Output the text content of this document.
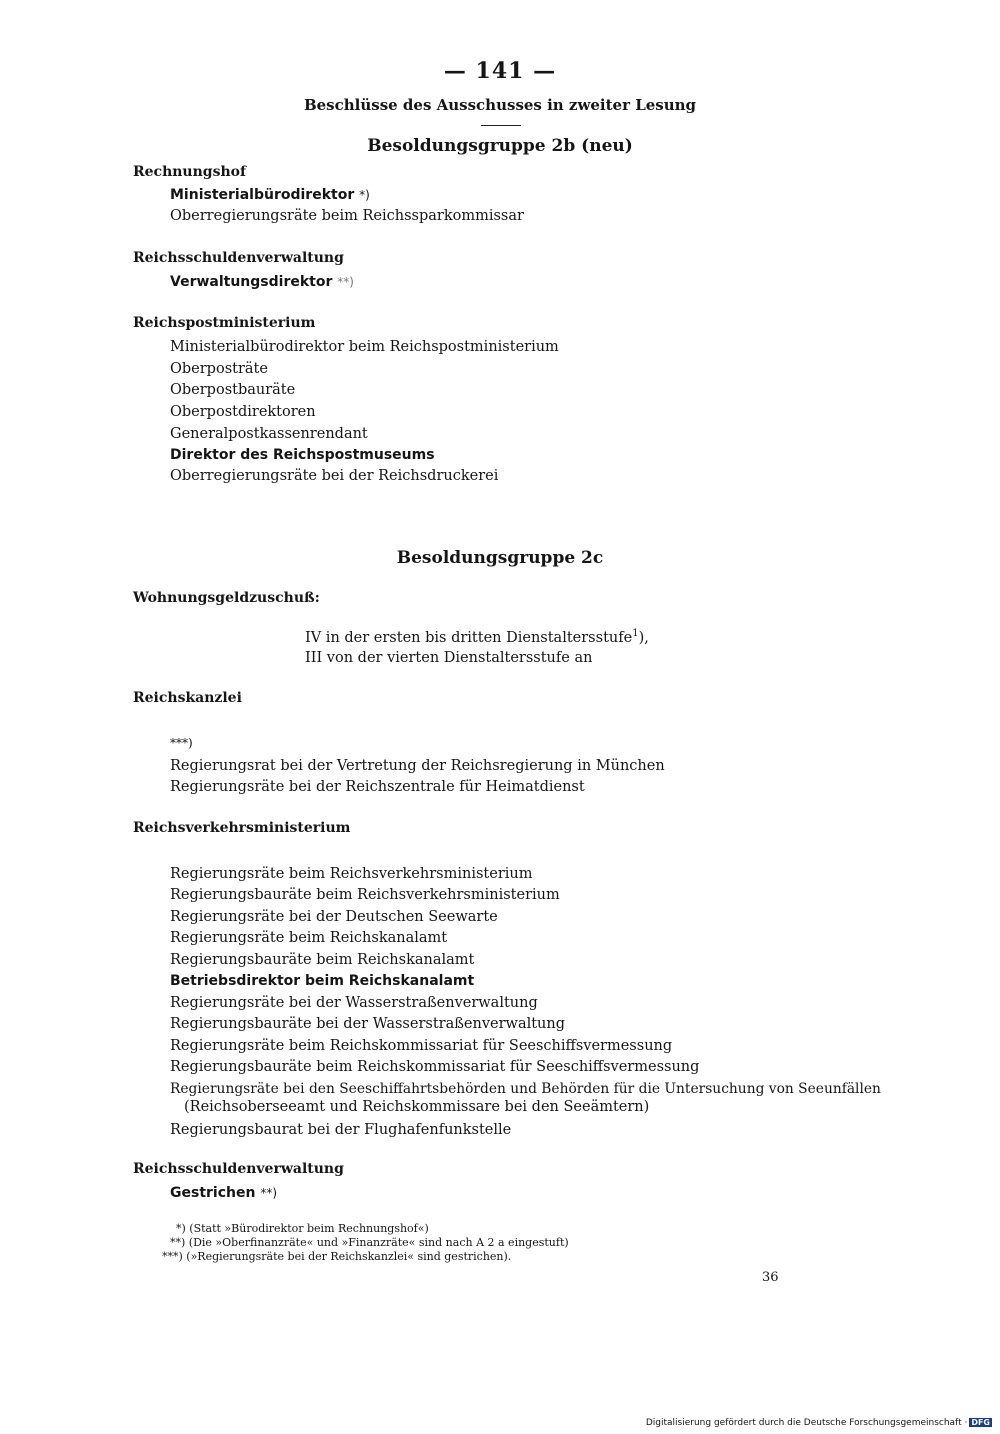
— 141 —
Beschlüsse des Ausschusses in zweiter Lesung
Besoldungsgruppe 2b (neu)
Rechnungshof
Ministerialbürodirektor *)
Oberregierungsräte beim Reichssparkommissar
Reichsschuldenverwaltung
Verwaltungsdirektor **)
Reichspostministerium
Ministerialbürodirektor beim Reichspostministerium
Oberposträte
Oberpostbauräte
Oberpostdirektoren
Generalpostkassenrendant
Direktor des Reichspostmuseums
Oberregierungsräte bei der Reichsdruckerei
Besoldungsgruppe 2c
Wohnungsgeldzuschuß:
IV in der ersten bis dritten Dienstaltersstufe$^1$),
III von der vierten Dienstaltersstufe an
Reichskanzlei
***)
Regierungsrat bei der Vertretung der Reichsregierung in München
Regierungsräte bei der Reichszentrale für Heimatdienst
Reichsverkehrsministerium
Regierungsräte beim Reichsverkehrsministerium
Regierungsbauräte beim Reichsverkehrsministerium
Regierungsräte bei der Deutschen Seewarte
Regierungsräte beim Reichskanalamt
Regierungsbauräte beim Reichskanalamt
Betriebsdirektor beim Reichskanalamt
Regierungsräte bei der Wasserstraßenverwaltung
Regierungsbauräte bei der Wasserstraßenverwaltung
Regierungsräte beim Reichskommissariat für Seeschiffsvermessung
Regierungsbauräte beim Reichskommissariat für Seeschiffsvermessung
Regierungsräte bei den Seeschiffahrtsbehörden und Behörden für die Untersuchung von Seeunfällen
(Reichsoberseeamt und Reichskommissare bei den Seeämtern)
Regierungsbaurat bei der Flughafenfunkstelle
Reichsschuldenverwaltung
Gestrichen **)
*) (Statt »Bürodirektor beim Rechnungshof«)
**) (Die »Oberfinanzräte« und »Finanzräte« sind nach A 2 a eingestuft)
***) (»Regierungsräte bei der Reichskanzlei« sind gestrichen).
36
Digitalisierung gefördert durch die Deutsche Forschungsgemeinschaft · DFG
